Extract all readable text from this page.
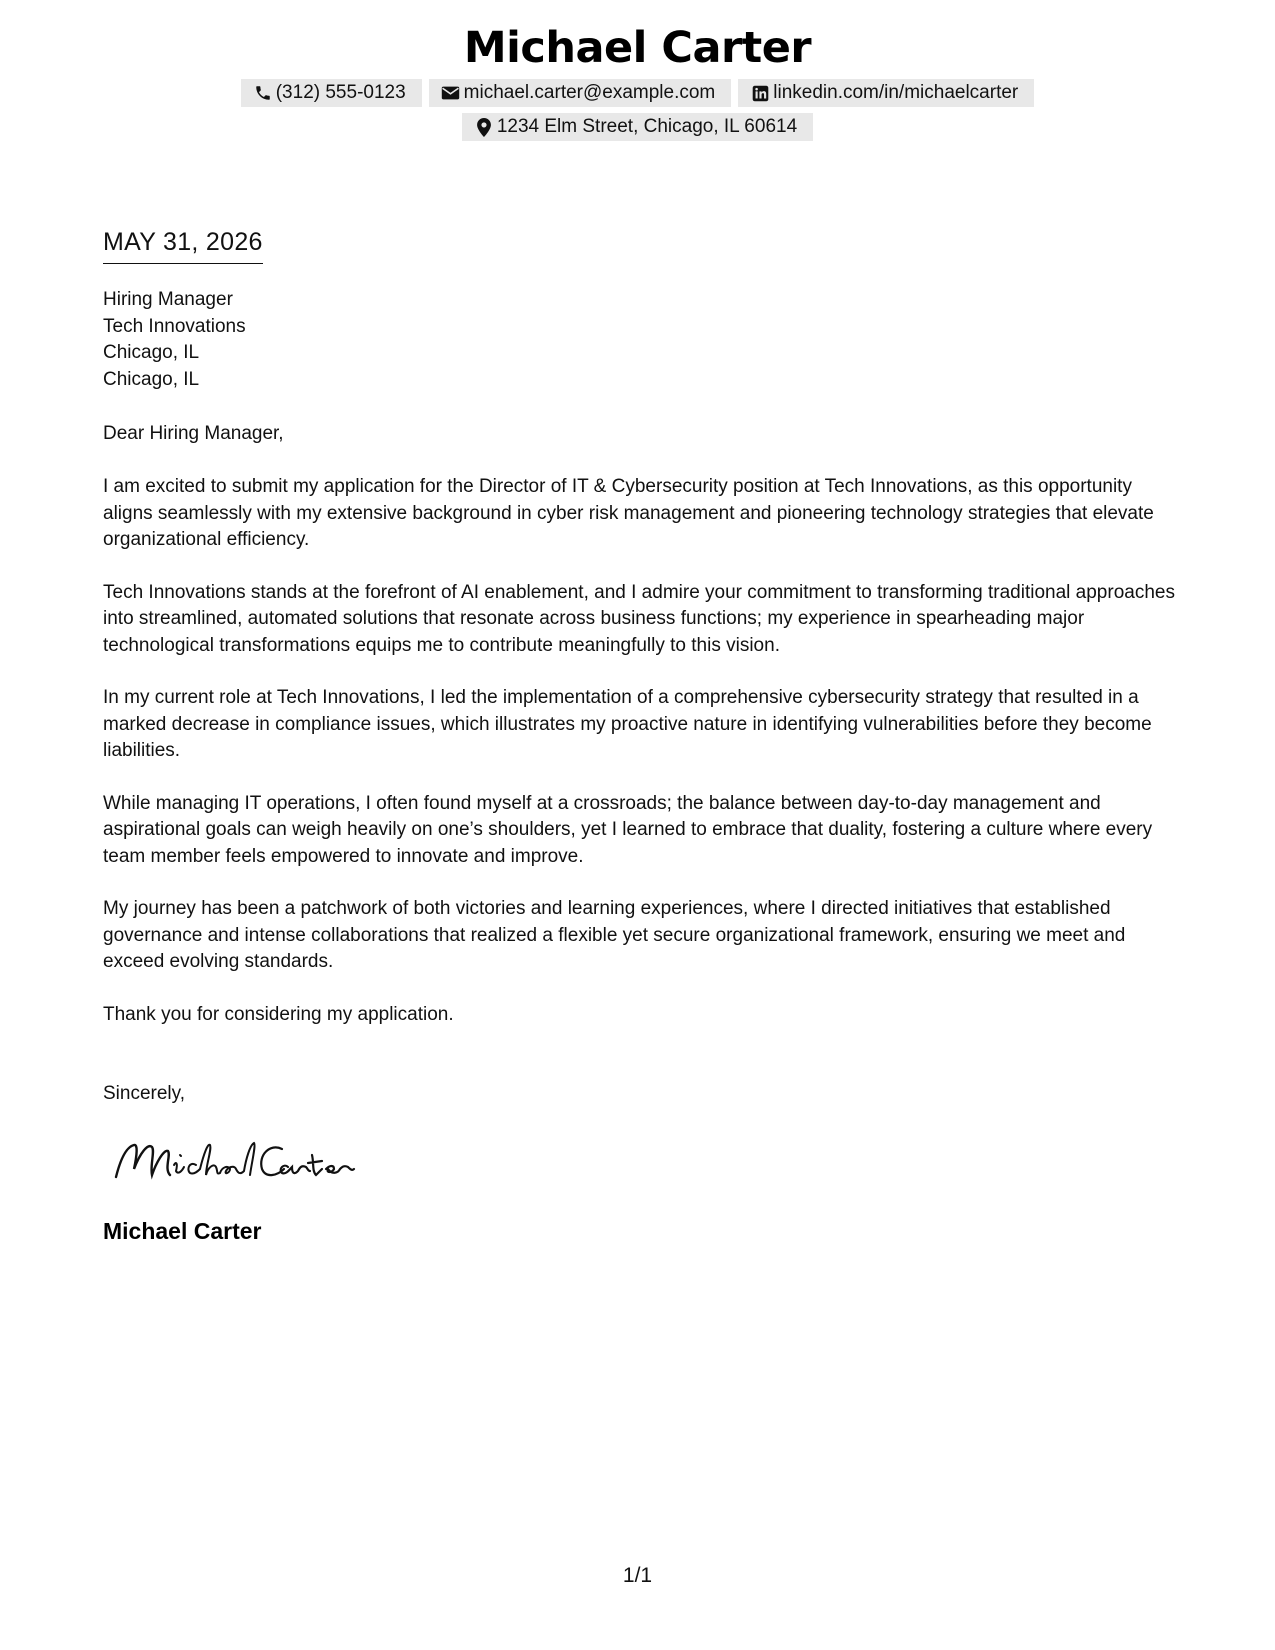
Michael Carter
(312) 555-0123	michael.carter@example.com	linkedin.com/in/michaelcarter
1234 Elm Street, Chicago, IL 60614
MAY 31, 2026
Hiring Manager
Tech Innovations
Chicago, IL
Chicago, IL
Dear Hiring Manager,

I am excited to submit my application for the Director of IT & Cybersecurity position at Tech Innovations, as this opportunity aligns seamlessly with my extensive background in cyber risk management and pioneering technology strategies that elevate organizational efficiency.

Tech Innovations stands at the forefront of AI enablement, and I admire your commitment to transforming traditional approaches into streamlined, automated solutions that resonate across business functions; my experience in spearheading major technological transformations equips me to contribute meaningfully to this vision.

In my current role at Tech Innovations, I led the implementation of a comprehensive cybersecurity strategy that resulted in a marked decrease in compliance issues, which illustrates my proactive nature in identifying vulnerabilities before they become liabilities.

While managing IT operations, I often found myself at a crossroads; the balance between day-to-day management and aspirational goals can weigh heavily on one’s shoulders, yet I learned to embrace that duality, fostering a culture where every team member feels empowered to innovate and improve.

My journey has been a patchwork of both victories and learning experiences, where I directed initiatives that established governance and intense collaborations that realized a flexible yet secure organizational framework, ensuring we meet and exceed evolving standards.

Thank you for considering my application.

Sincerely,
Michael Carter
1/1
